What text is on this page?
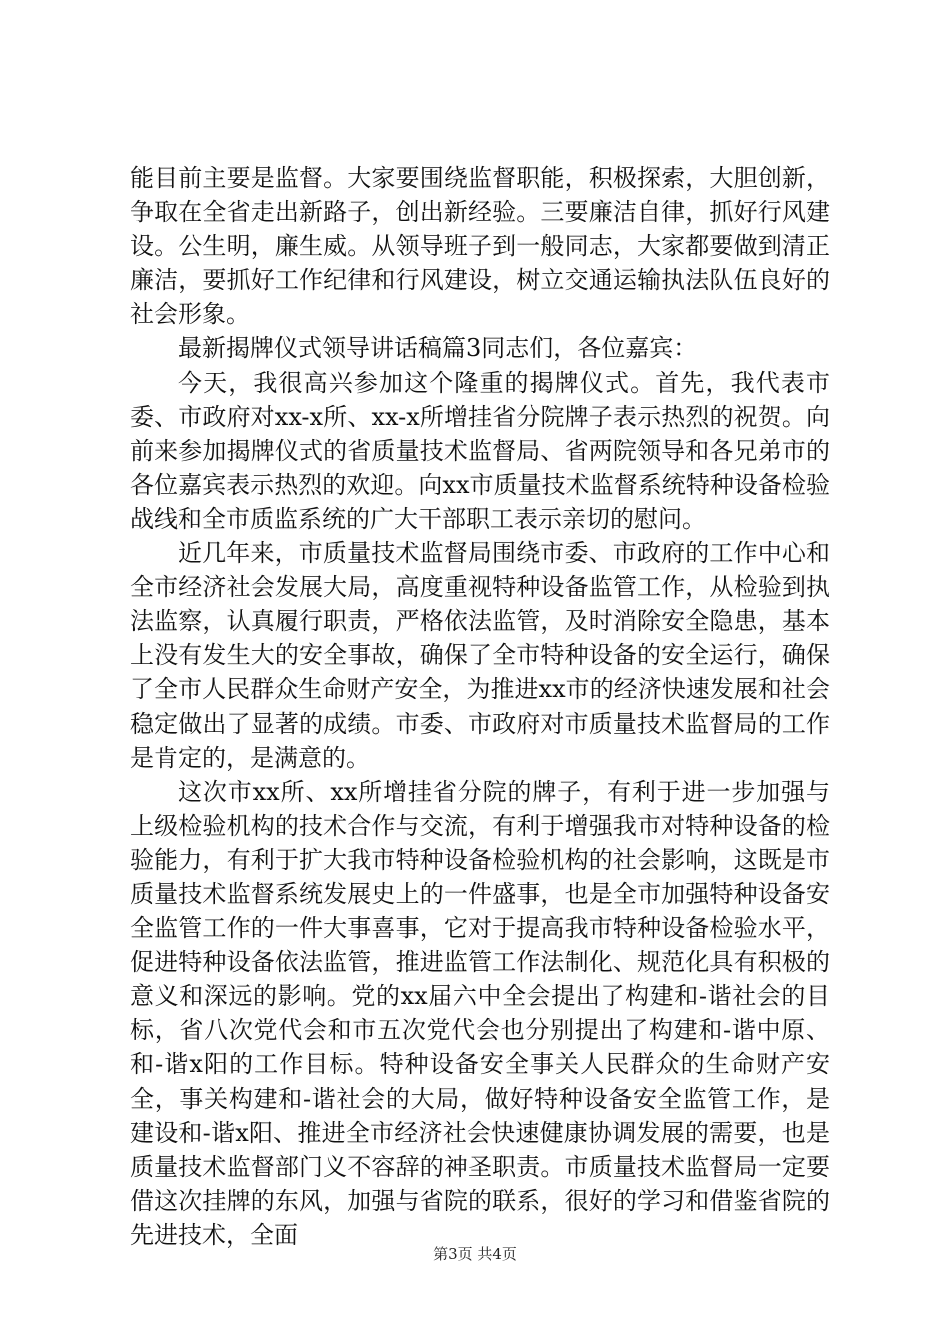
能目前主要是监督。大家要围绕监督职能，积极探索，大胆创新，争取在全省走出新路子，创出新经验。三要廉洁自律，抓好行风建设。公生明，廉生威。从领导班子到一般同志，大家都要做到清正廉洁，要抓好工作纪律和行风建设，树立交通运输执法队伍良好的社会形象。

最新揭牌仪式领导讲话稿篇3同志们，各位嘉宾：

今天，我很高兴参加这个隆重的揭牌仪式。首先，我代表市委、市政府对xx-x所、xx-x所增挂省分院牌子表示热烈的祝贺。向前来参加揭牌仪式的省质量技术监督局、省两院领导和各兄弟市的各位嘉宾表示热烈的欢迎。向xx市质量技术监督系统特种设备检验战线和全市质监系统的广大干部职工表示亲切的慰问。

近几年来，市质量技术监督局围绕市委、市政府的工作中心和全市经济社会发展大局，高度重视特种设备监管工作，从检验到执法监察，认真履行职责，严格依法监管，及时消除安全隐患，基本上没有发生大的安全事故，确保了全市特种设备的安全运行，确保了全市人民群众生命财产安全，为推进xx市的经济快速发展和社会稳定做出了显著的成绩。市委、市政府对市质量技术监督局的工作是肯定的，是满意的。

这次市xx所、xx所增挂省分院的牌子，有利于进一步加强与上级检验机构的技术合作与交流，有利于增强我市对特种设备的检验能力，有利于扩大我市特种设备检验机构的社会影响，这既是市质量技术监督系统发展史上的一件盛事，也是全市加强特种设备安全监管工作的一件大事喜事，它对于提高我市特种设备检验水平，促进特种设备依法监管，推进监管工作法制化、规范化具有积极的意义和深远的影响。党的xx届六中全会提出了构建和-谐社会的目标，省八次党代会和市五次党代会也分别提出了构建和-谐中原、和-谐x阳的工作目标。特种设备安全事关人民群众的生命财产安全，事关构建和-谐社会的大局，做好特种设备安全监管工作，是建设和-谐x阳、推进全市经济社会快速健康协调发展的需要，也是质量技术监督部门义不容辞的神圣职责。市质量技术监督局一定要借这次挂牌的东风，加强与省院的联系，很好的学习和借鉴省院的先进技术，全面

第3页 共4页
